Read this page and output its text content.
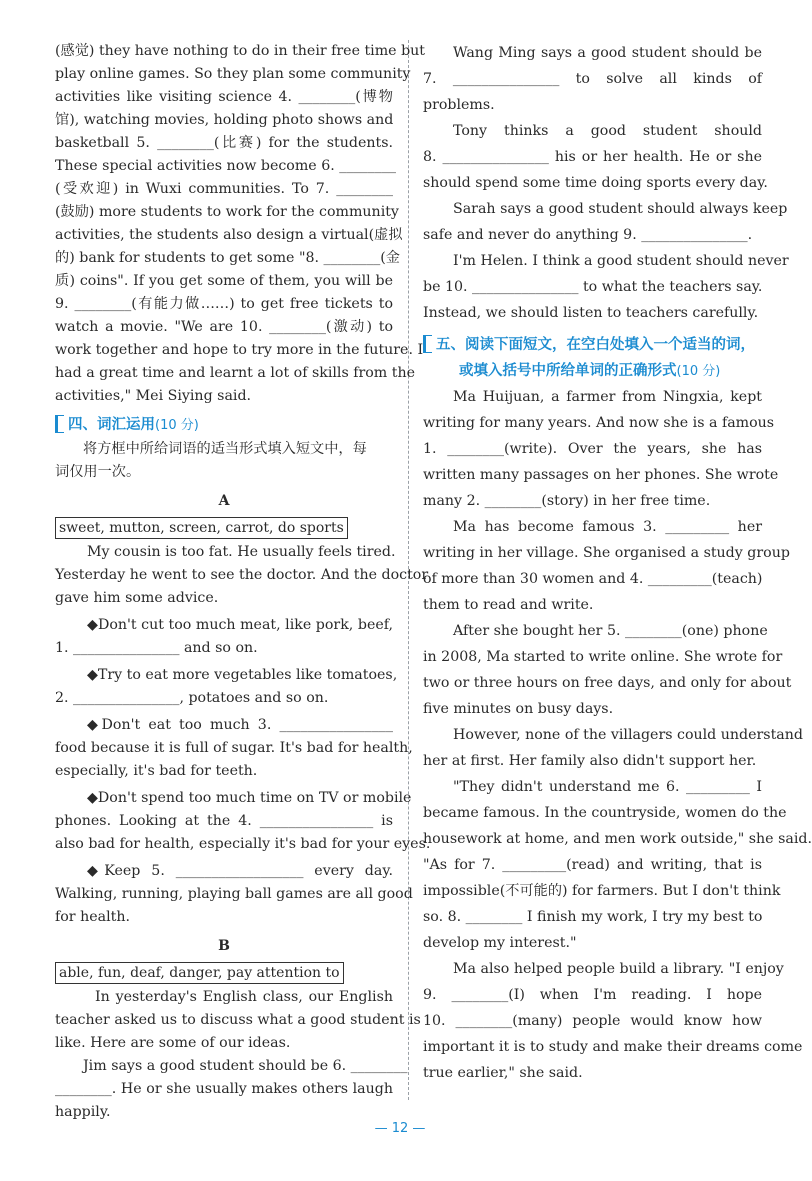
(感觉) they have nothing to do in their free time but
play online games. So they plan some community
activities like visiting science 4. ________(博物
馆), watching movies, holding photo shows and
basketball 5. ________(比赛) for the students.
These special activities now become 6. ________
(受欢迎) in Wuxi communities. To 7. ________
(鼓励) more students to work for the community
activities, the students also design a virtual(虚拟
的) bank for students to get some "8. ________(金
质) coins". If you get some of them, you will be
9. ________(有能力做……) to get free tickets to
watch a movie. "We are 10. ________(激动) to
work together and hope to try more in the future. I
had a great time and learnt a lot of skills from the
activities," Mei Siying said.
四、词汇运用(10 分)
将方框中所给词语的适当形式填入短文中，每
词仅用一次。
A
sweet, mutton, screen, carrot, do sports
My cousin is too fat. He usually feels tired.
Yesterday he went to see the doctor. And the doctor
gave him some advice.
◆Don't cut too much meat, like pork, beef,
1. _______________ and so on.
◆Try to eat more vegetables like tomatoes,
2. _______________, potatoes and so on.
◆Don't eat too much 3. ________________
food because it is full of sugar. It's bad for health,
especially, it's bad for teeth.
◆Don't spend too much time on TV or mobile
phones. Looking at the 4. ________________ is
also bad for health, especially it's bad for your eyes.
◆Keep 5. __________________ every day.
Walking, running, playing ball games are all good
for health.
B
able, fun, deaf, danger, pay attention to
In yesterday's English class, our English
teacher asked us to discuss what a good student is
like. Here are some of our ideas.
Jim says a good student should be 6. ________
________. He or she usually makes others laugh
happily.
Wang Ming says a good student should be
7. _______________ to solve all kinds of
problems.
Tony thinks a good student should
8. _______________ his or her health. He or she
should spend some time doing sports every day.
Sarah says a good student should always keep
safe and never do anything 9. _______________.
I'm Helen. I think a good student should never
be 10. _______________ to what the teachers say.
Instead, we should listen to teachers carefully.
五、阅读下面短文，在空白处填入一个适当的词，
或填入括号中所给单词的正确形式(10 分)
Ma Huijuan, a farmer from Ningxia, kept
writing for many years. And now she is a famous
1. ________(write). Over the years, she has
written many passages on her phones. She wrote
many 2. ________(story) in her free time.
Ma has become famous 3. _________ her
writing in her village. She organised a study group
of more than 30 women and 4. _________(teach)
them to read and write.
After she bought her 5. ________(one) phone
in 2008, Ma started to write online. She wrote for
two or three hours on free days, and only for about
five minutes on busy days.
However, none of the villagers could understand
her at first. Her family also didn't support her.
"They didn't understand me 6. _________ I
became famous. In the countryside, women do the
housework at home, and men work outside," she said.
"As for 7. _________(read) and writing, that is
impossible(不可能的) for farmers. But I don't think
so. 8. ________ I finish my work, I try my best to
develop my interest."
Ma also helped people build a library. "I enjoy
9. ________(I) when I'm reading. I hope
10. ________(many) people would know how
important it is to study and make their dreams come
true earlier," she said.
— 12 —
